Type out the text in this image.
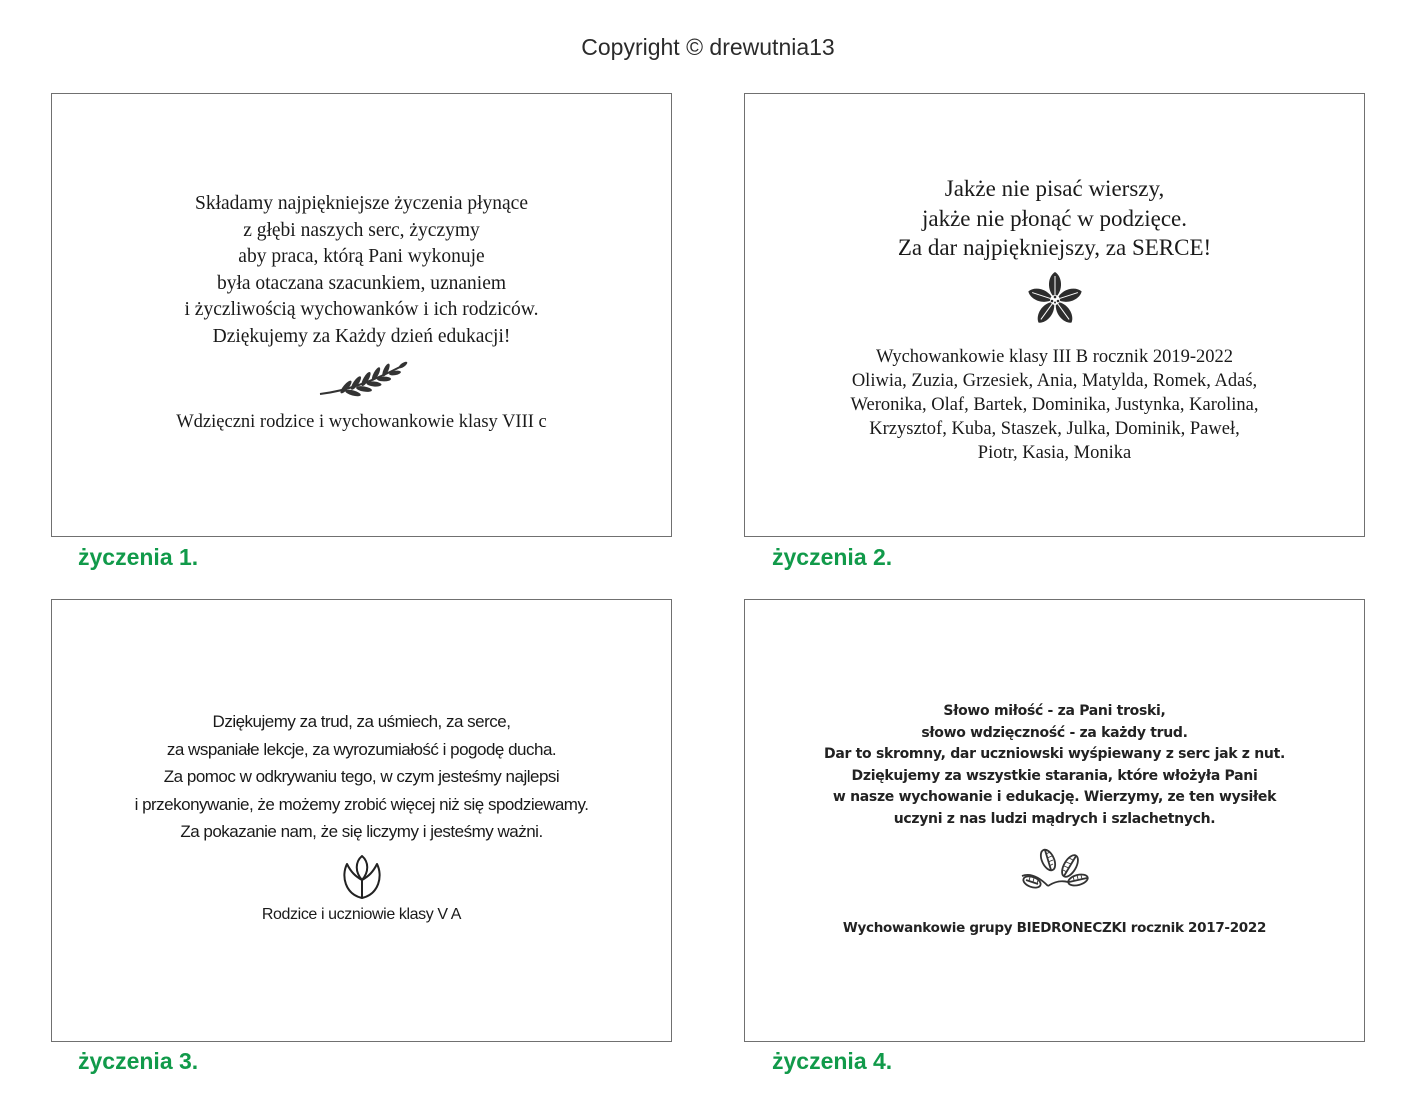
Copyright © drewutnia13
Składamy najpiękniejsze życzenia płynące
z głębi naszych serc, życzymy
aby praca, którą Pani wykonuje
była otaczana szacunkiem, uznaniem
i życzliwością wychowanków i ich rodziców.
Dziękujemy za Każdy dzień edukacji!
Wdzięczni rodzice i wychowankowie klasy VIII c
życzenia 1.
Jakże nie pisać wierszy,
jakże nie płonąć w podzięce.
Za dar najpiękniejszy, za SERCE!
Wychowankowie klasy III B rocznik 2019-2022
Oliwia, Zuzia, Grzesiek, Ania, Matylda, Romek, Adaś,
Weronika, Olaf, Bartek, Dominika, Justynka, Karolina,
Krzysztof, Kuba, Staszek, Julka, Dominik, Paweł,
Piotr, Kasia, Monika
życzenia 2.
Dziękujemy za trud, za uśmiech, za serce,
za wspaniałe lekcje, za wyrozumiałość i pogodę ducha.
Za pomoc w odkrywaniu tego, w czym jesteśmy najlepsi
i przekonywanie, że możemy zrobić więcej niż się spodziewamy.
Za pokazanie nam, że się liczymy i jesteśmy ważni.
Rodzice i uczniowie klasy V A
życzenia 3.
Słowo miłość - za Pani troski,
słowo wdzięczność - za każdy trud.
Dar to skromny, dar uczniowski wyśpiewany z serc jak z nut.
Dziękujemy za wszystkie starania, które włożyła Pani
w nasze wychowanie i edukację. Wierzymy, ze ten wysiłek
uczyni z nas ludzi mądrych i szlachetnych.
Wychowankowie grupy BIEDRONECZKI rocznik 2017-2022
życzenia 4.
